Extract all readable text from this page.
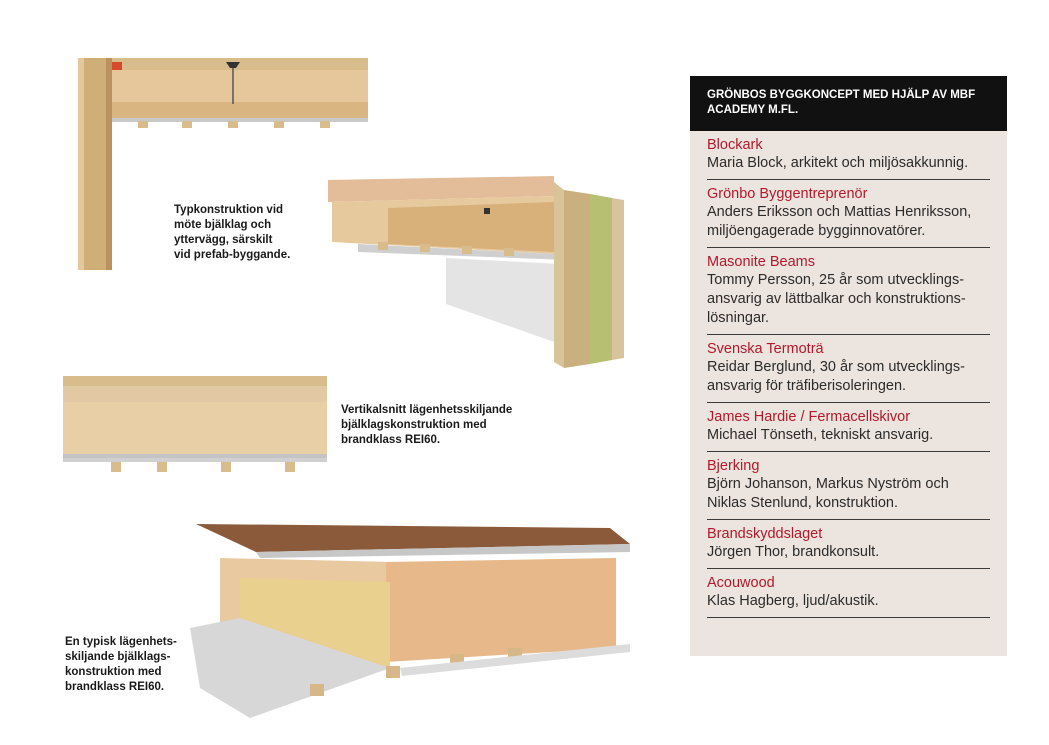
Typkonstruktion vid
möte bjälklag och
yttervägg, särskilt
vid prefab-byggande.
Vertikalsnitt lägenhetsskiljande
bjälklagskonstruktion med
brandklass REI60.
En typisk lägenhets-
skiljande bjälklags-
konstruktion med
brandklass REI60.
GRÖNBOS BYGGKONCEPT MED HJÄLP AV MBF ACADEMY M.FL.
Blockark
Maria Block, arkitekt och miljösakkunnig.
Grönbo Byggentreprenör
Anders Eriksson och Mattias Henriksson,
miljöengagerade bygginnovatörer.
Masonite Beams
Tommy Persson, 25 år som utvecklings-
ansvarig av lättbalkar och konstruktions-
lösningar.
Svenska Termoträ
Reidar Berglund, 30 år som utvecklings-
ansvarig för träfiberisoleringen.
James Hardie / Fermacellskivor
Michael Tönseth, tekniskt ansvarig.
Bjerking
Björn Johanson, Markus Nyström och
Niklas Stenlund, konstruktion.
Brandskyddslaget
Jörgen Thor, brandkonsult.
Acouwood
Klas Hagberg, ljud/akustik.
